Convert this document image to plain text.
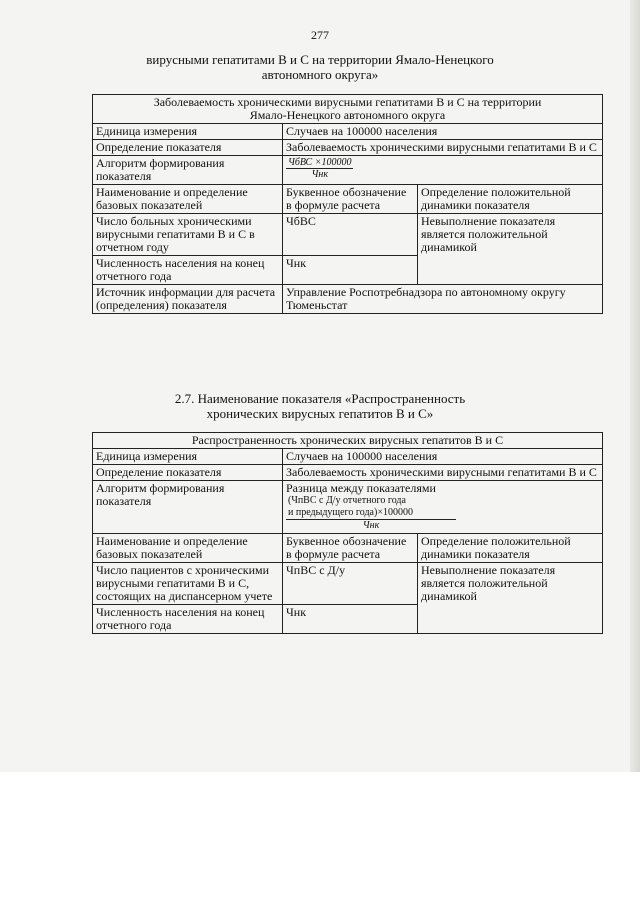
277
вирусными гепатитами В и С на территории Ямало-Ненецкого
автономного округа»
Заболеваемость хроническими вирусными гепатитами В и С на территории
Ямало-Ненецкого автономного округа		

Единица измерения	Случаев на 100000 населения	
Определение показателя	Заболеваемость хроническими вирусными гепатитами В и С	
Алгоритм формирования показателя	$\frac{\text{ЧбВС ×100000}}{\text{Чнк}}$

Наименование и определение базовых показателей	Буквенное обозначение в формуле расчета	Определение положительной динамики показателя
Число больных хроническими вирусными гепатитами В и С в отчетном году	ЧбВС	Невыполнение показателя является положительной динамикой
Численность населения на конец отчетного года	Чнк	
Источник информации для расчета (определения) показателя	Управление Роспотребнадзора по автономному округу
Тюменьстат	
2.7. Наименование показателя «Распространенность
хронических вирусных гепатитов В и С»
Распространенность хронических вирусных гепатитов В и С		
Единица измерения	Случаев на 100000 населения	
Определение показателя	Заболеваемость хроническими вирусными гепатитами В и С	
Алгоритм формирования показателя	Разница между показателями
(ЧпВС с Д/у отчетного года
и предыдущего года)×100000
Чнк	

Наименование и определение базовых показателей	Буквенное обозначение в формуле расчета	Определение положительной динамики показателя
Число пациентов с хроническими вирусными гепатитами В и С, состоящих на диспансерном учете	ЧпВС с Д/у	Невыполнение показателя является положительной динамикой
Численность населения на конец отчетного года	Чнк	
